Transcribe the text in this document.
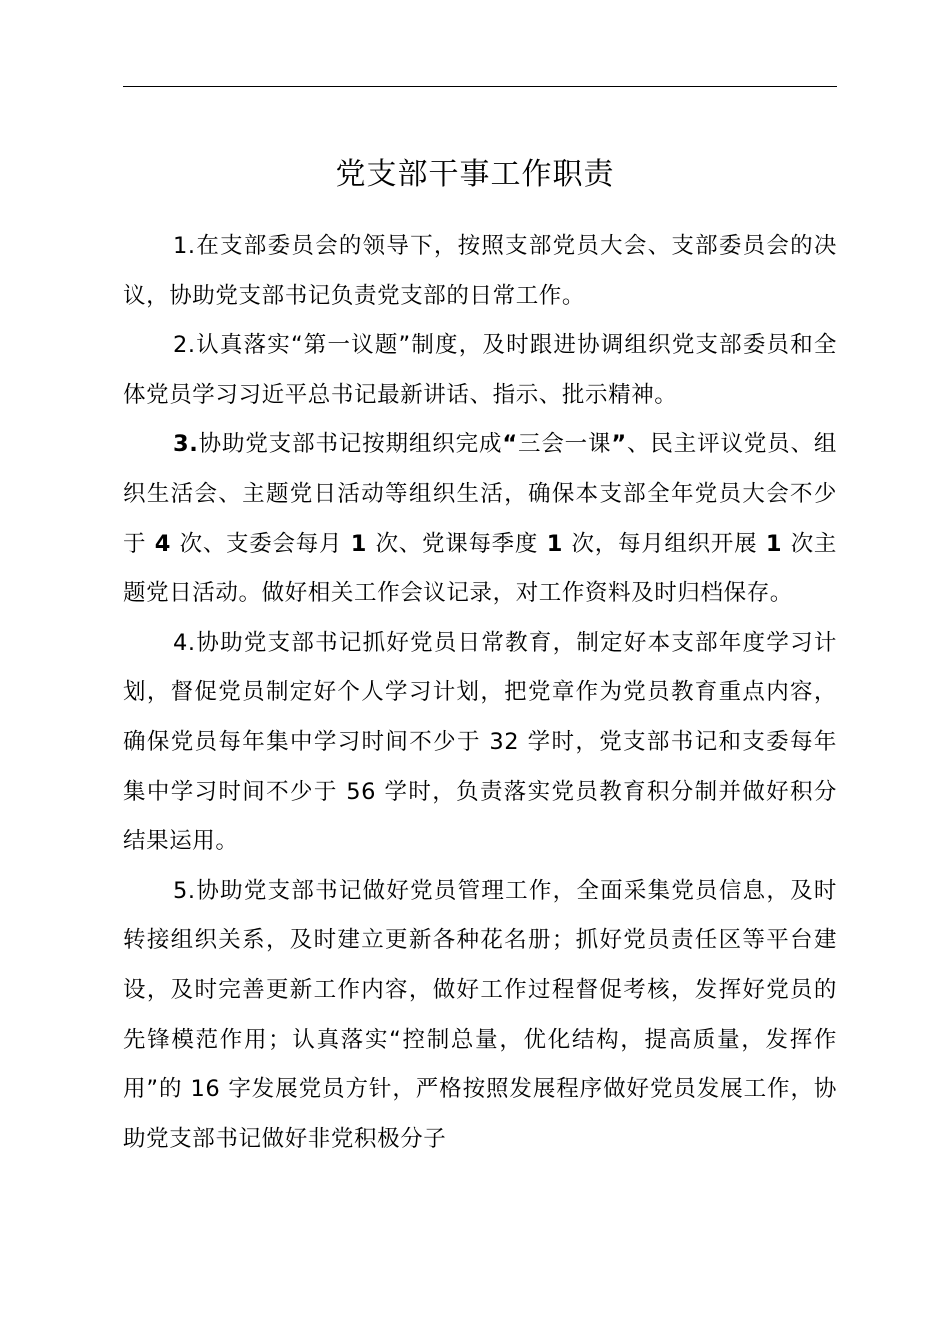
党支部干事工作职责

1.在支部委员会的领导下，按照支部党员大会、支部委员会的决议，协助党支部书记负责党支部的日常工作。

2.认真落实“第一议题”制度，及时跟进协调组织党支部委员和全体党员学习习近平总书记最新讲话、指示、批示精神。

3.协助党支部书记按期组织完成“三会一课”、民主评议党员、组织生活会、主题党日活动等组织生活，确保本支部全年党员大会不少于 4 次、支委会每月 1 次、党课每季度 1 次，每月组织开展 1 次主题党日活动。做好相关工作会议记录，对工作资料及时归档保存。

4.协助党支部书记抓好党员日常教育，制定好本支部年度学习计划，督促党员制定好个人学习计划，把党章作为党员教育重点内容，确保党员每年集中学习时间不少于 32 学时，党支部书记和支委每年集中学习时间不少于 56 学时，负责落实党员教育积分制并做好积分结果运用。

5.协助党支部书记做好党员管理工作，全面采集党员信息，及时转接组织关系，及时建立更新各种花名册；抓好党员责任区等平台建设，及时完善更新工作内容，做好工作过程督促考核，发挥好党员的先锋模范作用；认真落实“控制总量，优化结构，提高质量，发挥作用”的 16 字发展党员方针，严格按照发展程序做好党员发展工作，协助党支部书记做好非党积极分子
